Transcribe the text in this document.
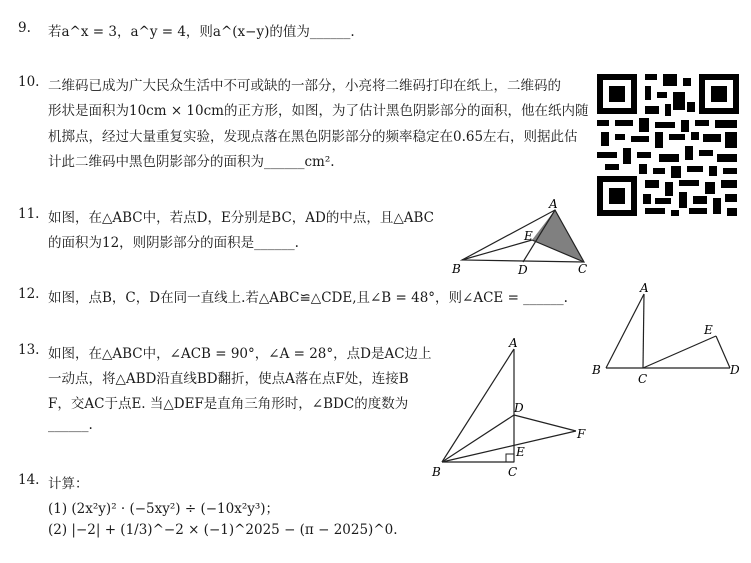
9. 若a^x = 3，a^y = 4，则a^(x−y)的值为______.
10. 二维码已成为广大民众生活中不可或缺的一部分，小亮将二维码打印在纸上，二维码的
形状是面积为10cm × 10cm的正方形，如图，为了估计黑色阴影部分的面积，他在纸内随
机掷点，经过大量重复实验，发现点落在黑色阴影部分的频率稳定在0.65左右，则据此估
计此二维码中黑色阴影部分的面积为______cm².
11. 如图，在△ABC中，若点D，E分别是BC，AD的中点，且△ABC
的面积为12，则阴影部分的面积是______.
A
E
B	D	C
12. 如图，点B，C，D在同一直线上.若△ABC≌△CDE,且∠B = 48°，则∠ACE = ______.
A
E
B
C
D
13. 如图，在△ABC中，∠ACB = 90°，∠A = 28°，点D是AC边上
一动点，将△ABD沿直线BD翻折，使点A落在点F处，连接B
F，交AC于点E. 当△DEF是直角三角形时，∠BDC的度数为
______.
A
D
F
E
B	C
14. 计算：
(1) (2x²y)² · (−5xy²) ÷ (−10x²y³)；
(2) |−2| + (1/3)^−2 × (−1)^2025 − (π − 2025)^0.
